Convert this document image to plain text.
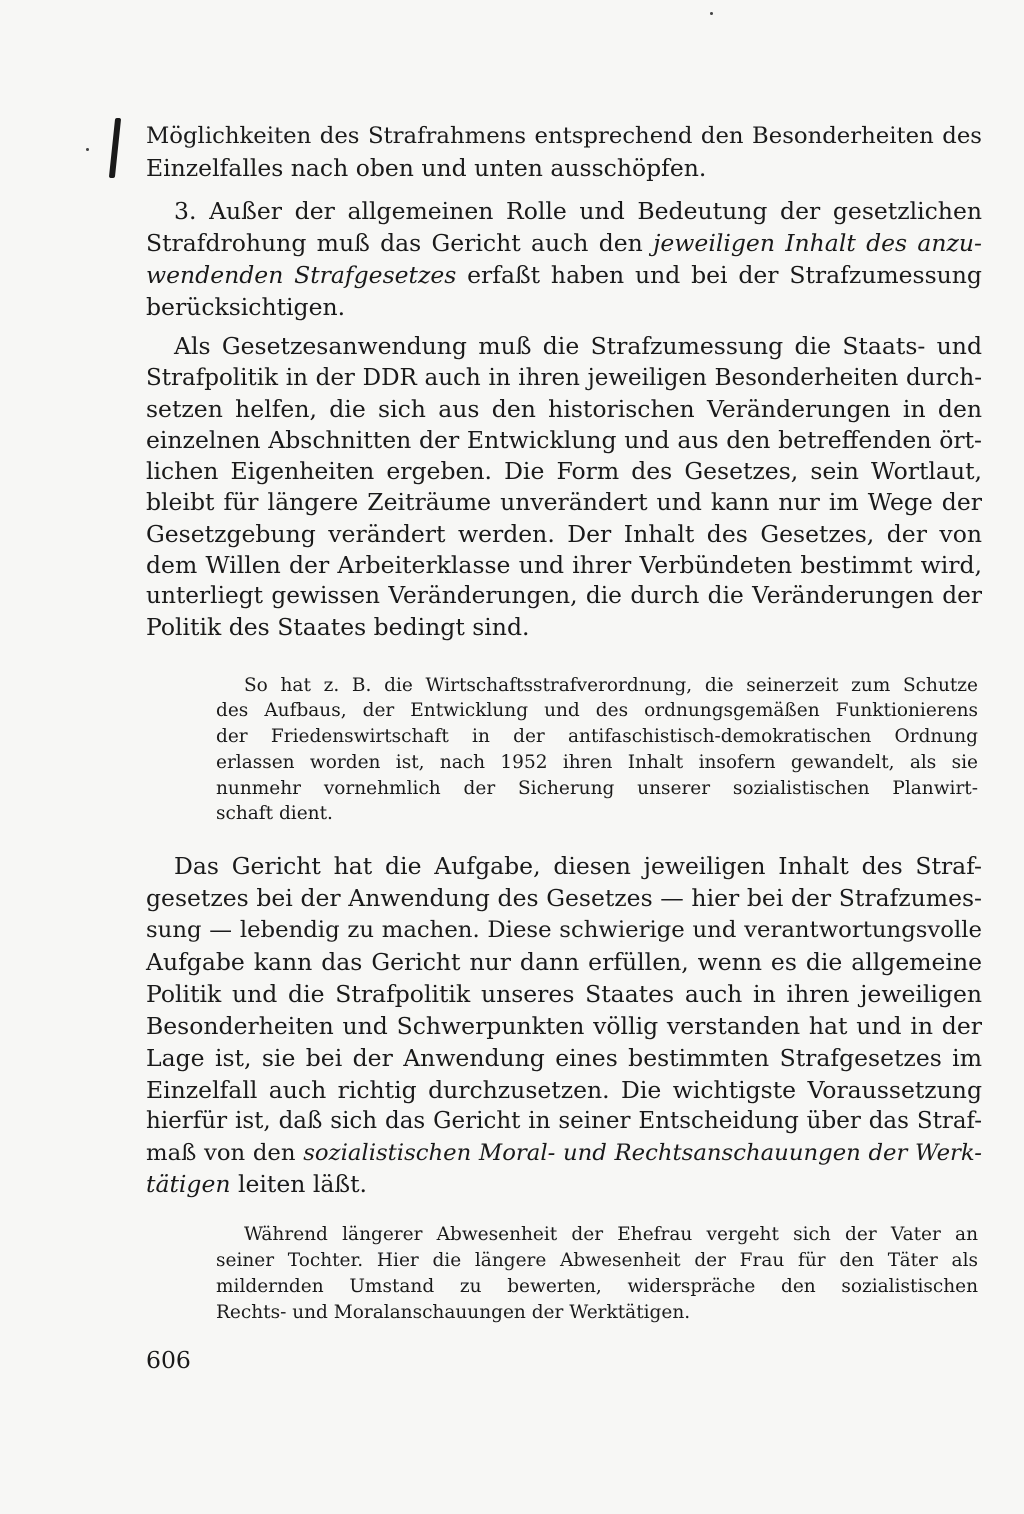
Möglichkeiten des Strafrahmens entsprechend den Besonderheiten des
Einzelfalles nach oben und unten ausschöpfen.
3. Außer der allgemeinen Rolle und Bedeutung der gesetzlichen
Strafdrohung muß das Gericht auch den jeweiligen Inhalt des anzu-
wendenden Strafgesetzes erfaßt haben und bei der Strafzumessung
berücksichtigen.
Als Gesetzesanwendung muß die Strafzumessung die Staats- und
Strafpolitik in der DDR auch in ihren jeweiligen Besonderheiten durch-
setzen helfen, die sich aus den historischen Veränderungen in den
einzelnen Abschnitten der Entwicklung und aus den betreffenden ört-
lichen Eigenheiten ergeben. Die Form des Gesetzes, sein Wortlaut,
bleibt für längere Zeiträume unverändert und kann nur im Wege der
Gesetzgebung verändert werden. Der Inhalt des Gesetzes, der von
dem Willen der Arbeiterklasse und ihrer Verbündeten bestimmt wird,
unterliegt gewissen Veränderungen, die durch die Veränderungen der
Politik des Staates bedingt sind.
So hat z. B. die Wirtschaftsstrafverordnung, die seinerzeit zum Schutze
des Aufbaus, der Entwicklung und des ordnungsgemäßen Funktionierens
der Friedenswirtschaft in der antifaschistisch-demokratischen Ordnung
erlassen worden ist, nach 1952 ihren Inhalt insofern gewandelt, als sie
nunmehr vornehmlich der Sicherung unserer sozialistischen Planwirt-
schaft dient.
Das Gericht hat die Aufgabe, diesen jeweiligen Inhalt des Straf-
gesetzes bei der Anwendung des Gesetzes — hier bei der Strafzumes-
sung — lebendig zu machen. Diese schwierige und verantwortungsvolle
Aufgabe kann das Gericht nur dann erfüllen, wenn es die allgemeine
Politik und die Strafpolitik unseres Staates auch in ihren jeweiligen
Besonderheiten und Schwerpunkten völlig verstanden hat und in der
Lage ist, sie bei der Anwendung eines bestimmten Strafgesetzes im
Einzelfall auch richtig durchzusetzen. Die wichtigste Voraussetzung
hierfür ist, daß sich das Gericht in seiner Entscheidung über das Straf-
maß von den sozialistischen Moral- und Rechtsanschauungen der Werk-
tätigen leiten läßt.
Während längerer Abwesenheit der Ehefrau vergeht sich der Vater an
seiner Tochter. Hier die längere Abwesenheit der Frau für den Täter als
mildernden Umstand zu bewerten, widerspräche den sozialistischen
Rechts- und Moralanschauungen der Werktätigen.
606
